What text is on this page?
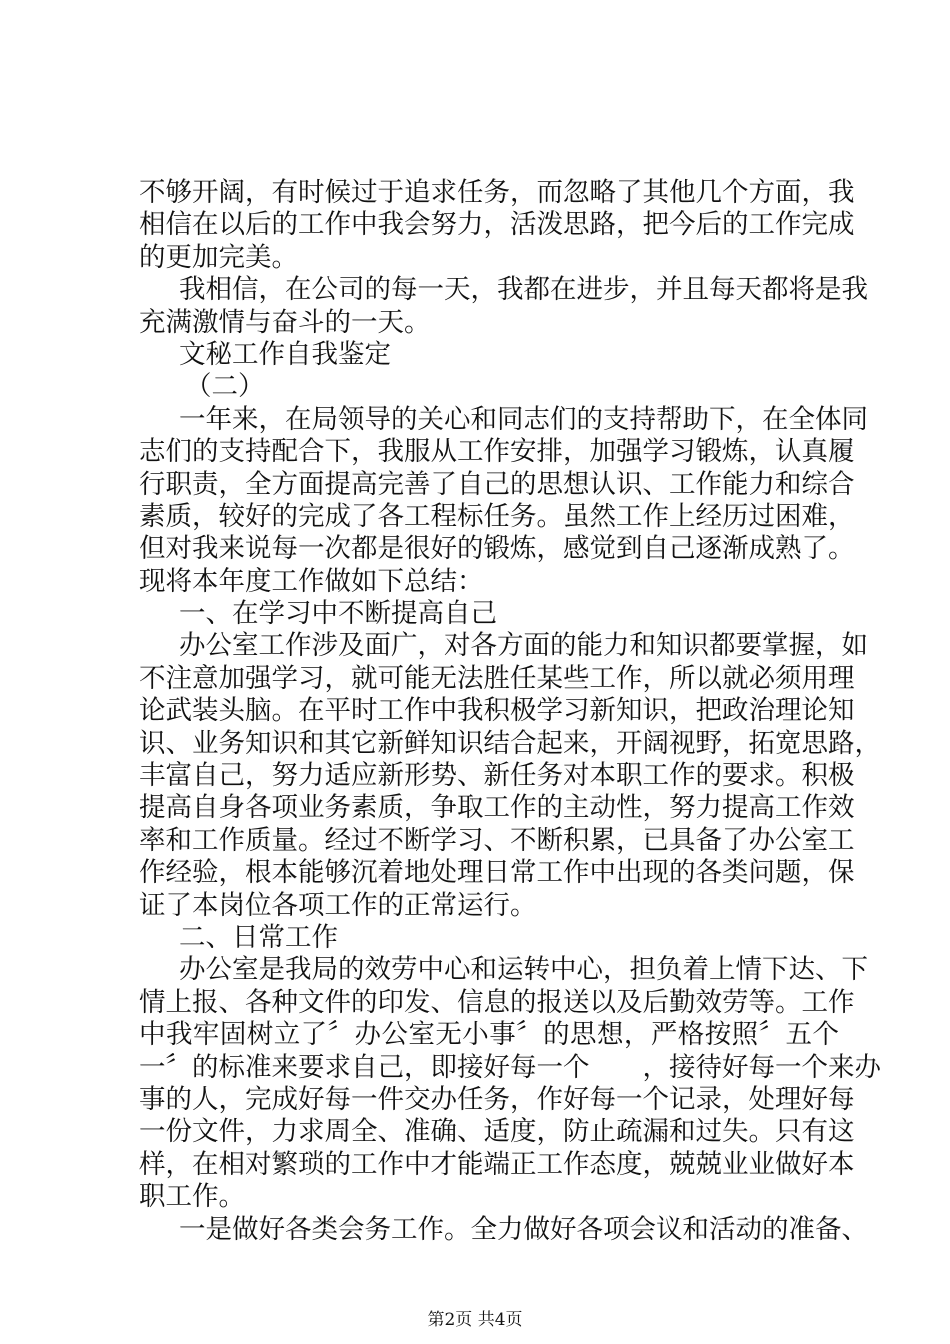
不够开阔，有时候过于追求任务，而忽略了其他几个方面，我
相信在以后的工作中我会努力，活泼思路，把今后的工作完成
的更加完美。
我相信，在公司的每一天，我都在进步，并且每天都将是我
充满激情与奋斗的一天。
文秘工作自我鉴定
（二）
一年来，在局领导的关心和同志们的支持帮助下，在全体同
志们的支持配合下，我服从工作安排，加强学习锻炼，认真履
行职责，全方面提高完善了自己的思想认识、工作能力和综合
素质，较好的完成了各工程标任务。虽然工作上经历过困难，
但对我来说每一次都是很好的锻炼，感觉到自己逐渐成熟了。
现将本年度工作做如下总结：
一、在学习中不断提高自己
办公室工作涉及面广，对各方面的能力和知识都要掌握，如
不注意加强学习，就可能无法胜任某些工作，所以就必须用理
论武装头脑。在平时工作中我积极学习新知识，把政治理论知
识、业务知识和其它新鲜知识结合起来，开阔视野，拓宽思路，
丰富自己，努力适应新形势、新任务对本职工作的要求。积极
提高自身各项业务素质，争取工作的主动性，努力提高工作效
率和工作质量。经过不断学习、不断积累，已具备了办公室工
作经验，根本能够沉着地处理日常工作中出现的各类问题，保
证了本岗位各项工作的正常运行。
二、日常工作
办公室是我局的效劳中心和运转中心，担负着上情下达、下
情上报、各种文件的印发、信息的报送以及后勤效劳等。工作
中我牢固树立了〞办公室无小事〞的思想，严格按照〞五个
一〞的标准来要求自己，即接好每一个　　，接待好每一个来办
事的人，完成好每一件交办任务，作好每一个记录，处理好每
一份文件，力求周全、准确、适度，防止疏漏和过失。只有这
样，在相对繁琐的工作中才能端正工作态度，兢兢业业做好本
职工作。
一是做好各类会务工作。全力做好各项会议和活动的准备、
第2页 共4页
